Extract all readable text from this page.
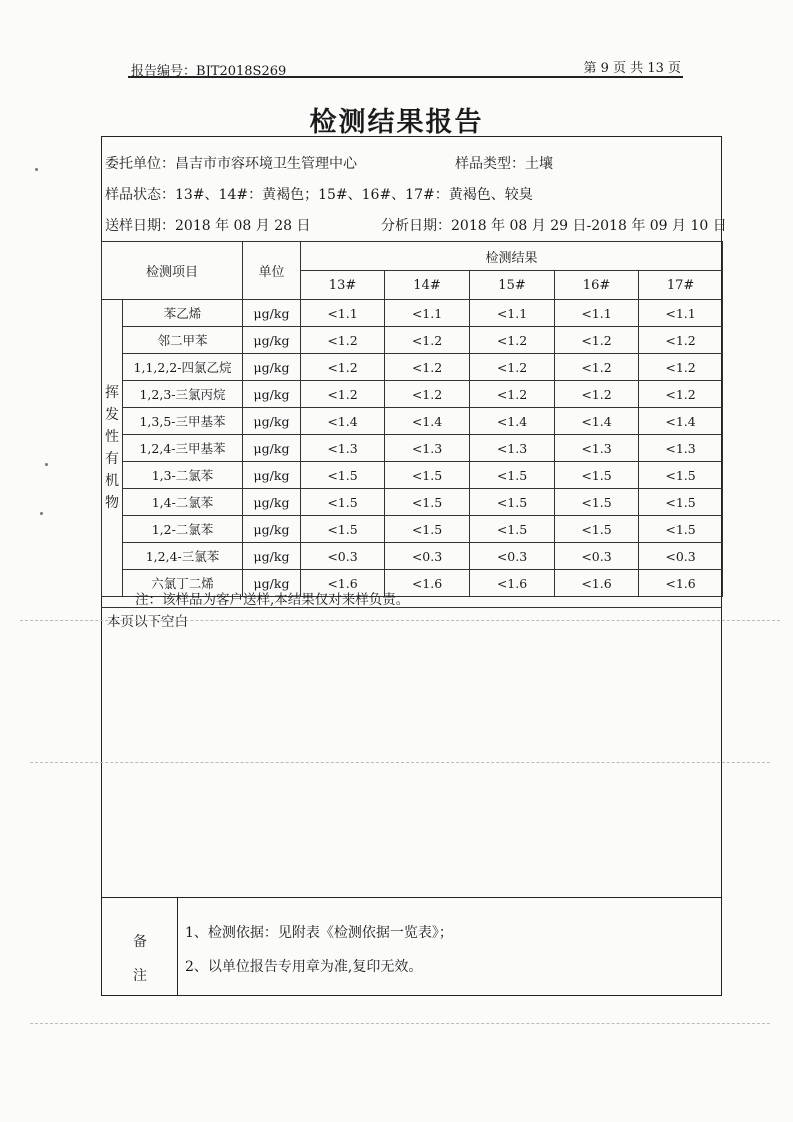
报告编号：BJT2018S269	第 9 页 共 13 页
检测结果报告
委托单位：昌吉市市容环境卫生管理中心	样品类型：土壤
样品状态：13#、14#：黄褐色；15#、16#、17#：黄褐色、较臭
送样日期：2018 年 08 月 28 日	分析日期：2018 年 08 月 29 日-2018 年 09 月 10 日
检测项目		单位	检测结果				
			13#	14#	15#	16#	17#
挥发性有机物	苯乙烯	μg/kg	<1.1	<1.1	<1.1	<1.1	<1.1
	邻二甲苯	μg/kg	<1.2	<1.2	<1.2	<1.2	<1.2
	1,1,2,2-四氯乙烷	μg/kg	<1.2	<1.2	<1.2	<1.2	<1.2
	1,2,3-三氯丙烷	μg/kg	<1.2	<1.2	<1.2	<1.2	<1.2
	1,3,5-三甲基苯	μg/kg	<1.4	<1.4	<1.4	<1.4	<1.4
	1,2,4-三甲基苯	μg/kg	<1.3	<1.3	<1.3	<1.3	<1.3
	1,3-二氯苯	μg/kg	<1.5	<1.5	<1.5	<1.5	<1.5
	1,4-二氯苯	μg/kg	<1.5	<1.5	<1.5	<1.5	<1.5
	1,2-二氯苯	μg/kg	<1.5	<1.5	<1.5	<1.5	<1.5
	1,2,4-三氯苯	μg/kg	<0.3	<0.3	<0.3	<0.3	<0.3
	六氯丁二烯	μg/kg	<1.6	<1.6	<1.6	<1.6	<1.6
注：该样品为客户送样,本结果仅对来样负责。
本页以下空白
备
注
1、检测依据：见附表《检测依据一览表》；
2、以单位报告专用章为准,复印无效。
